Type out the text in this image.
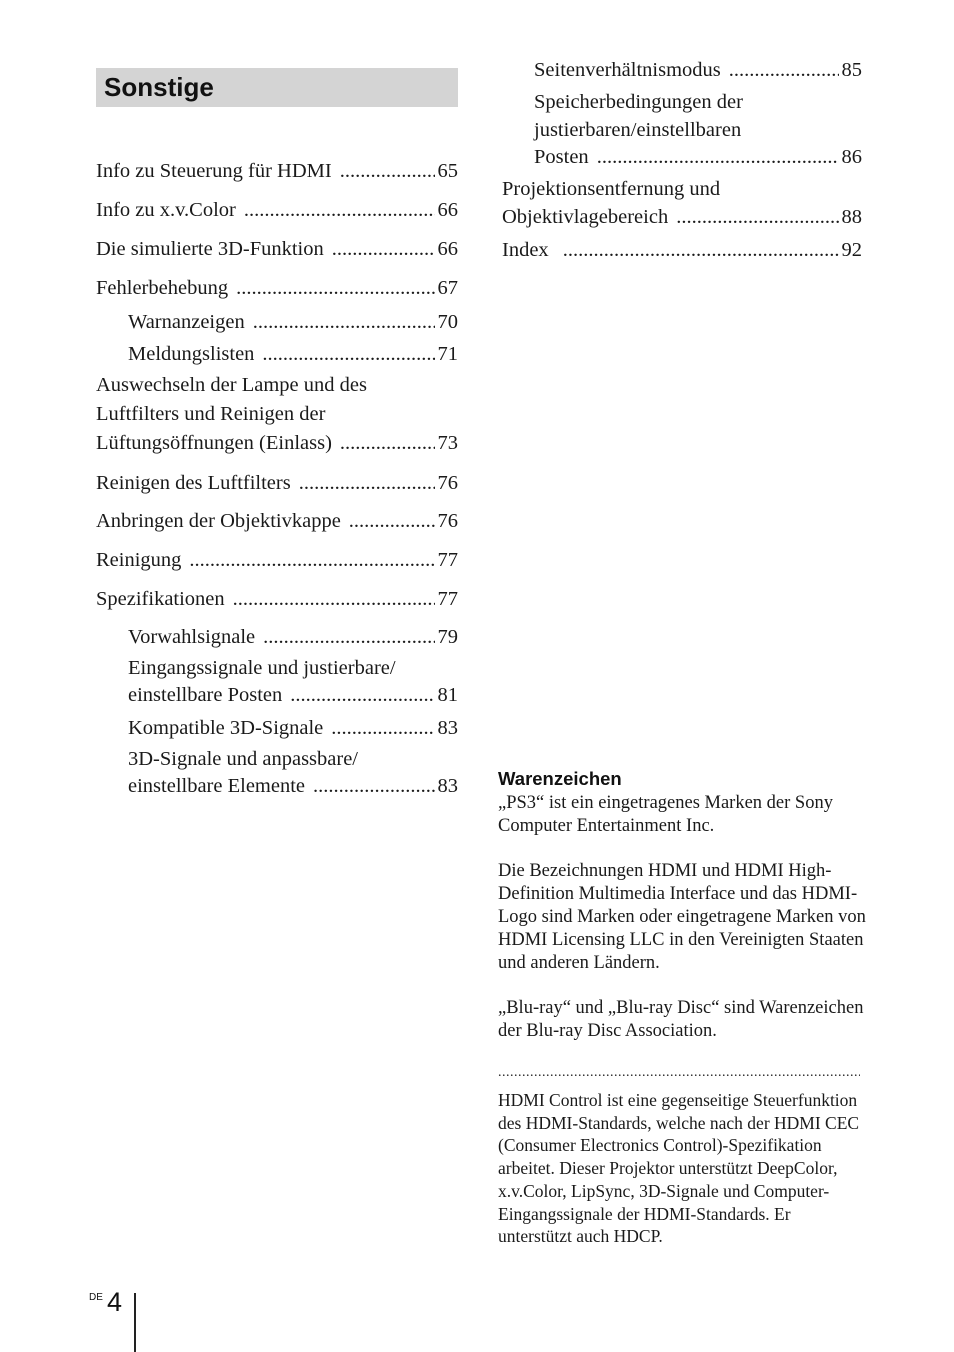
Sonstige
Info zu Steuerung für HDMI .....	65
Info zu x.v.Color .....	66
Die simulierte 3D-Funktion .....	66
Fehlerbehebung .....	67
Warnanzeigen .....	70
Meldungslisten .....	71
Auswechseln der Lampe und des
Luftfilters und Reinigen der
Lüftungsöffnungen (Einlass) .....	73
Reinigen des Luftfilters .....	76
Anbringen der Objektivkappe .....	76
Reinigung .....	77
Spezifikationen .....	77
Vorwahlsignale .....	79
Eingangssignale und justierbare/
einstellbare Posten .....	81
Kompatible 3D-Signale .....	83
3D-Signale und anpassbare/
einstellbare Elemente .....	83
Seitenverhältnismodus .....	85
Speicherbedingungen der
justierbaren/einstellbaren
Posten .....	86
Projektionsentfernung und
Objektivlagebereich .....	88
Index .....	92
Warenzeichen

„PS3“ ist ein eingetragenes Marken der Sony Computer Entertainment Inc.

Die Bezeichnungen HDMI und HDMI High-Definition Multimedia Interface und das HDMI-Logo sind Marken oder eingetragene Marken von HDMI Licensing LLC in den Vereinigten Staaten und anderen Ländern.

„Blu-ray“ und „Blu-ray Disc“ sind Warenzeichen der Blu-ray Disc Association.

.....
HDMI Control ist eine gegenseitige Steuerfunktion des HDMI-Standards, welche nach der HDMI CEC (Consumer Electronics Control)-Spezifikation arbeitet. Dieser Projektor unterstützt DeepColor, x.v.Color, LipSync, 3D-Signale und Computer-Eingangssignale der HDMI-Standards. Er unterstützt auch HDCP.
DE 4
